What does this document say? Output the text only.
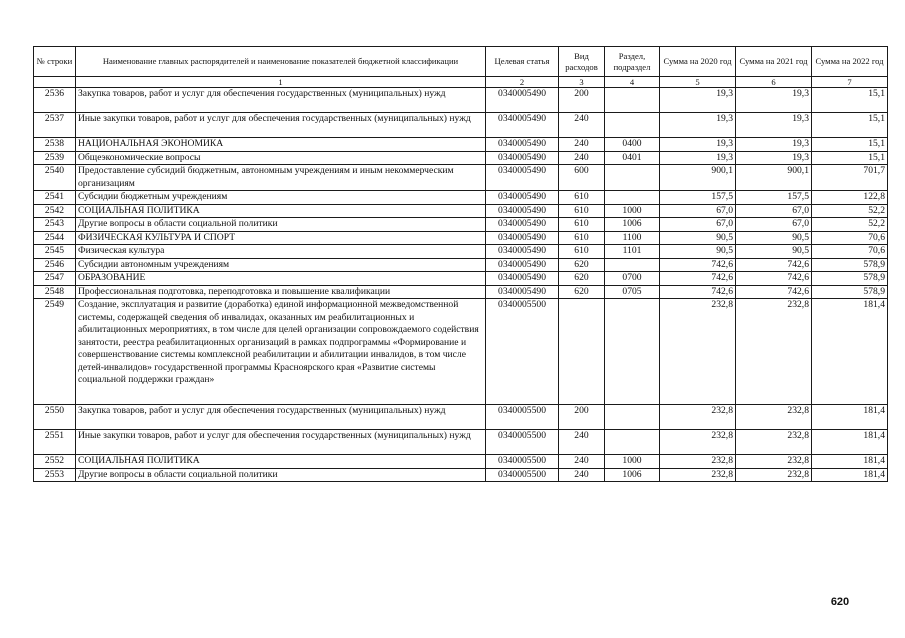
№ строки	Наименование главных распорядителей и наименование показателей бюджетной классификации	Целевая статья	Вид расходов	Раздел, подраздел	Сумма на 2020 год	Сумма на 2021 год	Сумма на 2022 год
	1	2	3	4	5	6	7
2536	Закупка товаров, работ и услуг для обеспечения государственных (муниципальных) нужд	0340005490	200		19,3	19,3	15,1
2537	Иные закупки товаров, работ и услуг для обеспечения государственных (муниципальных) нужд	0340005490	240		19,3	19,3	15,1
2538	НАЦИОНАЛЬНАЯ ЭКОНОМИКА	0340005490	240	0400	19,3	19,3	15,1
2539	Общеэкономические вопросы	0340005490	240	0401	19,3	19,3	15,1
2540	Предоставление субсидий бюджетным, автономным учреждениям и иным некоммерческим организациям	0340005490	600		900,1	900,1	701,7
2541	Субсидии бюджетным учреждениям	0340005490	610		157,5	157,5	122,8
2542	СОЦИАЛЬНАЯ ПОЛИТИКА	0340005490	610	1000	67,0	67,0	52,2
2543	Другие вопросы в области социальной политики	0340005490	610	1006	67,0	67,0	52,2
2544	ФИЗИЧЕСКАЯ КУЛЬТУРА И СПОРТ	0340005490	610	1100	90,5	90,5	70,6
2545	Физическая культура	0340005490	610	1101	90,5	90,5	70,6
2546	Субсидии автономным учреждениям	0340005490	620		742,6	742,6	578,9
2547	ОБРАЗОВАНИЕ	0340005490	620	0700	742,6	742,6	578,9
2548	Профессиональная подготовка, переподготовка и повышение квалификации	0340005490	620	0705	742,6	742,6	578,9
2549	Создание, эксплуатация и развитие (доработка) единой информационной межведомственной системы, содержащей сведения об инвалидах, оказанных им реабилитационных и абилитационных мероприятиях, в том числе для целей организации сопровождаемого содействия занятости, реестра реабилитационных организаций в рамках подпрограммы «Формирование и совершенствование системы комплексной реабилитации и абилитации инвалидов, в том числе детей-инвалидов» государственной программы Красноярского края «Развитие системы социальной поддержки граждан»	0340005500			232,8	232,8	181,4
2550	Закупка товаров, работ и услуг для обеспечения государственных (муниципальных) нужд	0340005500	200		232,8	232,8	181,4
2551	Иные закупки товаров, работ и услуг для обеспечения государственных (муниципальных) нужд	0340005500	240		232,8	232,8	181,4
2552	СОЦИАЛЬНАЯ ПОЛИТИКА	0340005500	240	1000	232,8	232,8	181,4
2553	Другие вопросы в области социальной политики	0340005500	240	1006	232,8	232,8	181,4
620
